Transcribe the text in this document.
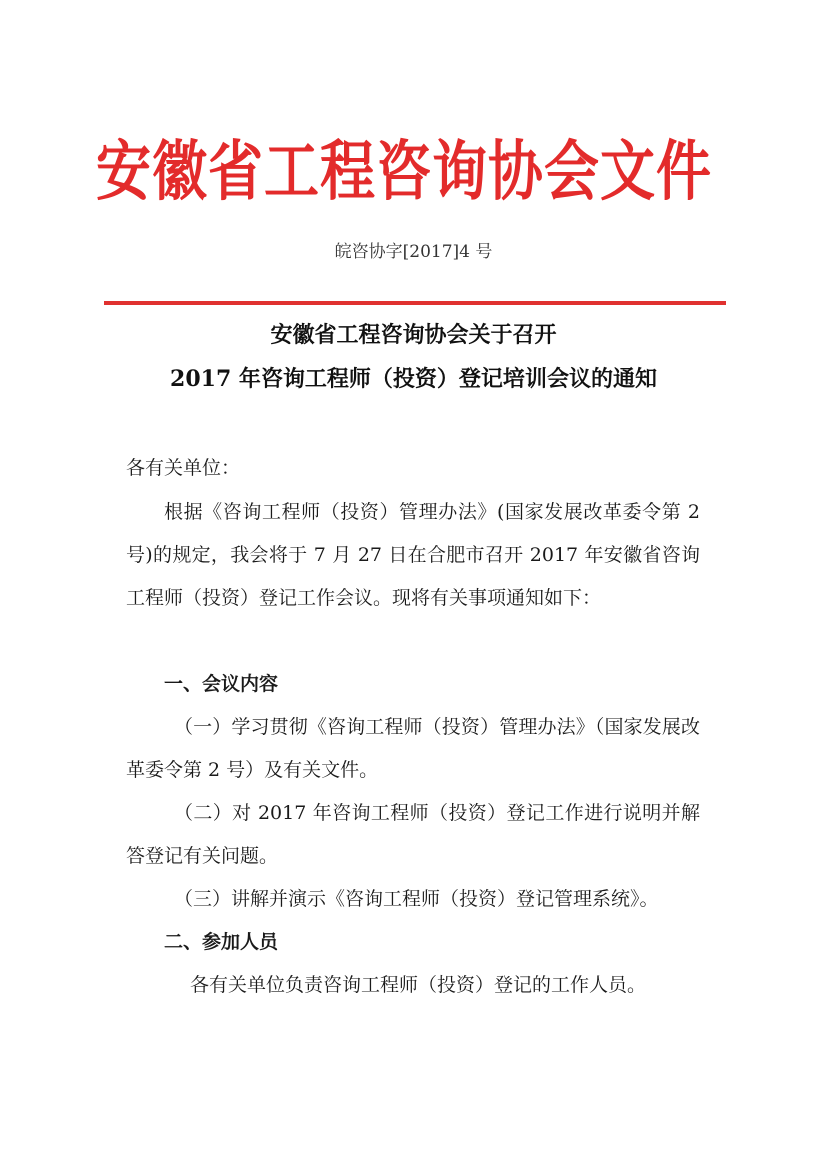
安徽省工程咨询协会文件
皖咨协字[2017]4 号
安徽省工程咨询协会关于召开
2017 年咨询工程师（投资）登记培训会议的通知
各有关单位：
根据《咨询工程师（投资）管理办法》(国家发展改革委令第 2 号)的规定，我会将于 7 月 27 日在合肥市召开 2017 年安徽省咨询工程师（投资）登记工作会议。现将有关事项通知如下：
一、会议内容
（一）学习贯彻《咨询工程师（投资）管理办法》（国家发展改革委令第 2 号）及有关文件。
（二）对 2017 年咨询工程师（投资）登记工作进行说明并解答登记有关问题。
（三）讲解并演示《咨询工程师（投资）登记管理系统》。
二、参加人员
各有关单位负责咨询工程师（投资）登记的工作人员。
